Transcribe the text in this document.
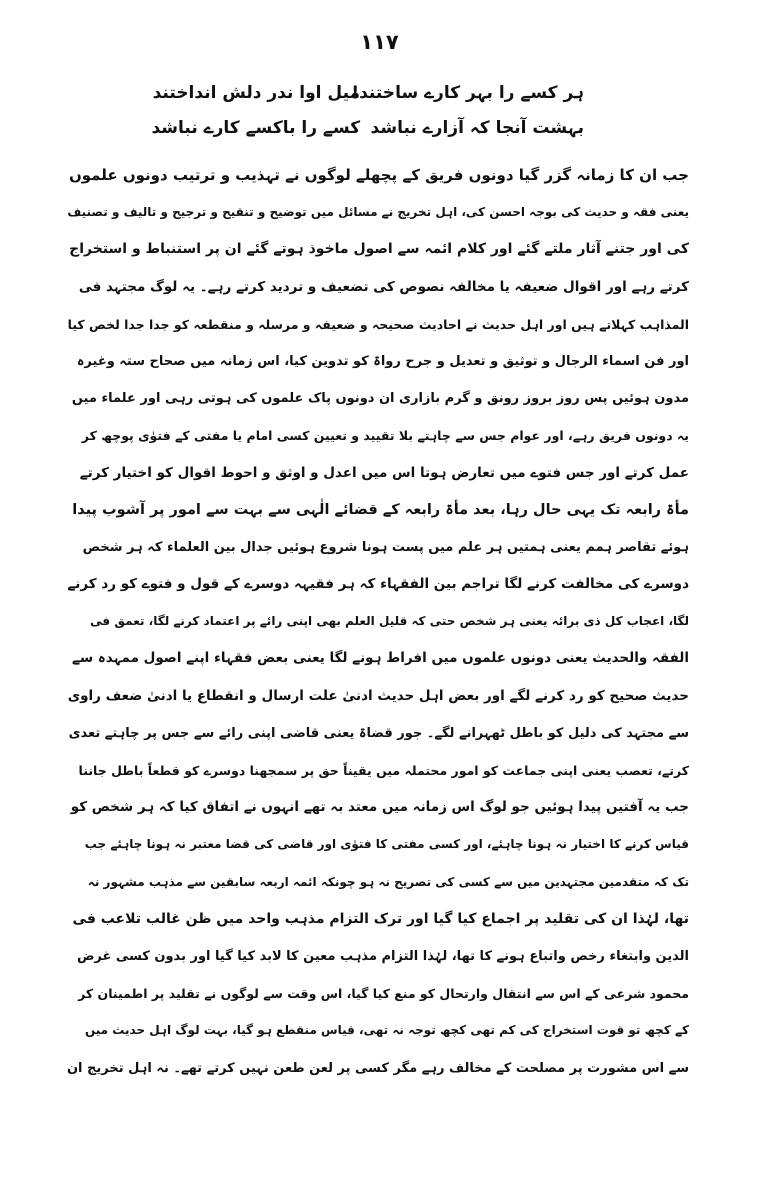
۱۱۷
ہر کسے را بہر کارے ساختند! میل اوا ندر دلش انداختند
بہشت آنجا کہ آزارے نباشد کسے را باکسے کارے نباشد
جب ان کا زمانہ گزر گیا دونوں فریق کے پچھلے لوگوں نے تہذیب و ترتیب دونوں علموں
یعنی فقہ و حدیث کی بوجہ احسن کی، اہل تخریج نے مسائل میں توضیح و تنقیح و ترجیح و تالیف و تصنیف
کی اور جتنے آثار ملتے گئے اور کلام ائمہ سے اصول ماخوذ ہوتے گئے ان پر استنباط و استخراج
کرتے رہے اور اقوال ضعیفہ یا مخالفہ نصوص کی تضعیف و تردید کرتے رہے۔ یہ لوگ مجتہد فی
المذاہب کہلاتے ہیں اور اہل حدیث نے احادیث صحیحہ و ضعیفہ و مرسلہ و منقطعہ کو جدا جدا لخص کیا
اور فن اسماء الرجال و توثیق و تعدیل و جرح رواۃ کو تدوین کیا، اس زمانہ میں صحاح ستہ وغیرہ
مدون ہوئیں پس روز بروز رونق و گرم بازاری ان دونوں پاک علموں کی ہوتی رہی اور علماء میں
یہ دونوں فریق رہے، اور عوام جس سے چاہتے بلا تقیید و تعیین کسی امام یا مفتی کے فتوٰی پوچھ کر
عمل کرتے اور جس فتوے میں تعارض ہوتا اس میں اعدل و اوثق و احوط اقوال کو اختیار کرتے
مأۃ رابعہ تک یہی حال رہا، بعد مأۃ رابعہ کے قضائے الٰہی سے بہت سے امور پر آشوب پیدا
ہوئے تقاصر ہمم یعنی ہمتیں ہر علم میں پست ہونا شروع ہوئیں جدال بین العلماء کہ ہر شخص
دوسرے کی مخالفت کرنے لگا تراجم بین الفقہاء کہ ہر فقیہہ دوسرے کے قول و فتوے کو رد کرنے
لگا، اعجاب کل ذی برائہ یعنی ہر شخص حتی کہ قلیل العلم بھی اپنی رائے پر اعتماد کرنے لگا، تعمق فی
الفقہ والحدیث یعنی دونوں علموں میں افراط ہونے لگا یعنی بعض فقہاء اپنے اصول ممہدہ سے
حدیث صحیح کو رد کرنے لگے اور بعض اہل حدیث ادنیٰ علت ارسال و انقطاع یا ادنیٰ ضعف راوی
سے مجتہد کی دلیل کو باطل ٹھہرانے لگے۔ جور قضاۃ یعنی قاضی اپنی رائے سے جس پر چاہتے تعدی
کرتے، تعصب یعنی اپنی جماعت کو امور محتملہ میں یقیناً حق پر سمجھنا دوسرے کو قطعاً باطل جاننا
جب یہ آفتیں پیدا ہوئیں جو لوگ اس زمانہ میں معتد بہ تھے انہوں نے اتفاق کیا کہ ہر شخص کو
قیاس کرنے کا اختیار نہ ہونا چاہئے، اور کسی مفتی کا فتوٰی اور قاضی کی قضا معتبر نہ ہونا چاہئے جب
تک کہ متقدمین مجتہدین میں سے کسی کی تصریح نہ ہو چونکہ ائمہ اربعہ سابقین سے مذہب مشہور نہ
تھا، لہٰذا ان کی تقلید پر اجماع کیا گیا اور ترک التزام مذہب واحد میں ظن غالب تلاعب فی
الدین وابتغاء رخص واتباع ہونے کا تھا، لہٰذا التزام مذہب معین کا لابد کیا گیا اور بدون کسی غرض
محمود شرعی کے اس سے انتقال وارتحال کو منع کیا گیا، اس وقت سے لوگوں نے تقلید پر اطمینان کر
کے کچھ تو قوت استخراج کی کم تھی کچھ توجہ نہ تھی، قیاس منقطع ہو گیا، بہت لوگ اہل حدیث میں
سے اس مشورت پر مصلحت کے مخالف رہے مگر کسی پر لعن طعن نہیں کرتے تھے۔ نہ اہل تخریج ان
